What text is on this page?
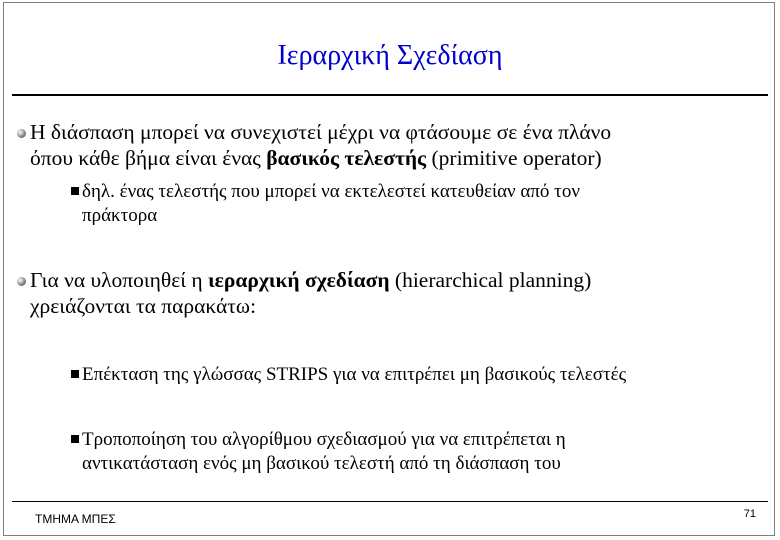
Ιεραρχική Σχεδίαση
Η διάσπαση μπορεί να συνεχιστεί μέχρι να φτάσουμε σε ένα πλάνο
όπου κάθε βήμα είναι ένας βασικός τελεστής (primitive operator)
δηλ. ένας τελεστής που μπορεί να εκτελεστεί κατευθείαν από τον
πράκτορα
Για να υλοποιηθεί η ιεραρχική σχεδίαση (hierarchical planning)
χρειάζονται τα παρακάτω:
Επέκταση της γλώσσας STRIPS για να επιτρέπει μη βασικούς τελεστές
Τροποποίηση του αλγορίθμου σχεδιασμού για να επιτρέπεται η
αντικατάσταση ενός μη βασικού τελεστή από τη διάσπαση του
ΤΜΗΜΑ ΜΠΕΣ	71
